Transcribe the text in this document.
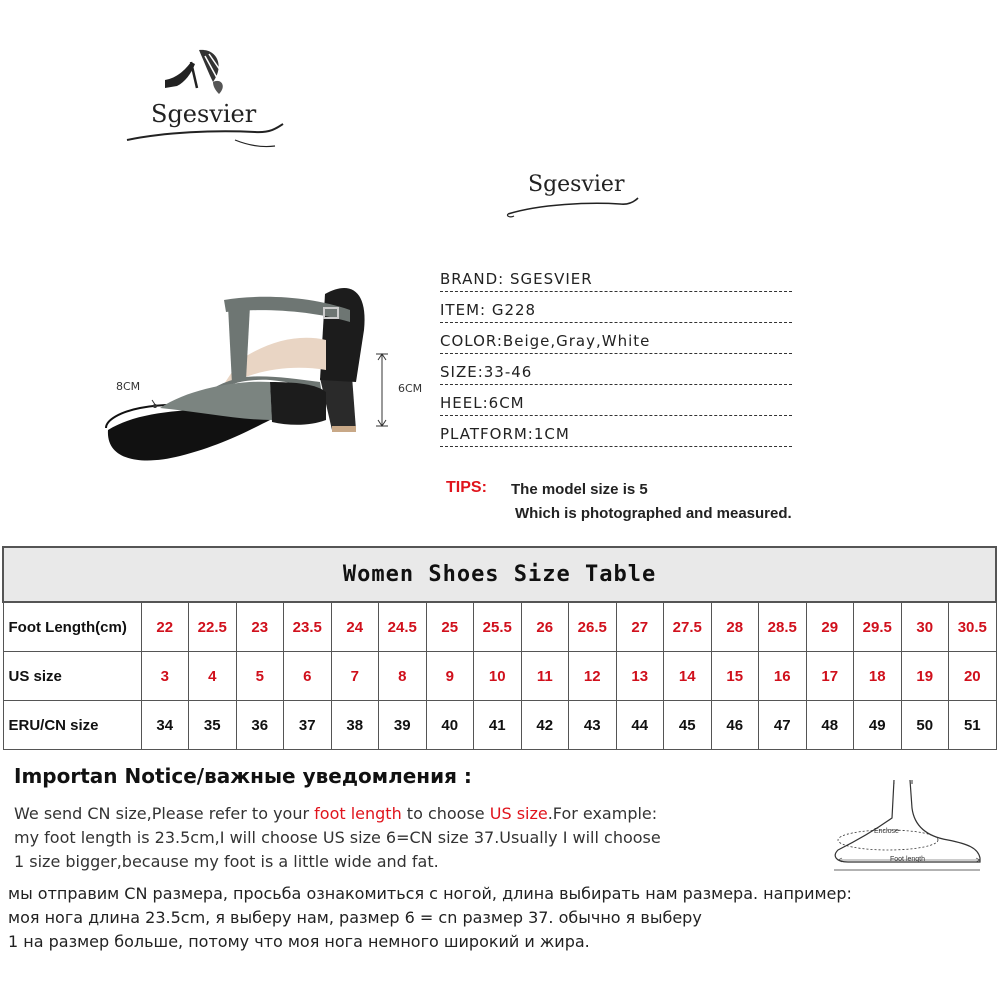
Sgesvier
Sgesvier
8CM	6CM
BRAND: SGESVIER
ITEM: G228
COLOR:Beige,Gray,White
SIZE:33-46
HEEL:6CM
PLATFORM:1CM
TIPS: The model size is 5
Which is photographed and measured.
Women Shoes Size Table																		
Foot Length(cm)	22	22.5	23	23.5	24	24.5	25	25.5	26	26.5	27	27.5	28	28.5	29	29.5	30	30.5
US size	3	4	5	6	7	8	9	10	11	12	13	14	15	16	17	18	19	20
ERU/CN size	34	35	36	37	38	39	40	41	42	43	44	45	46	47	48	49	50	51
Importan Notice/важные уведомления :
We send CN size,Please refer to your foot length to choose US size.For example:
my foot length is 23.5cm,I will choose US size 6=CN size 37.Usually I will choose
1 size bigger,because my foot is a little wide and fat.
мы отправим CN размера, просьба ознакомиться с ногой, длина выбирать нам размера. например:
моя нога длина 23.5cm, я выберу нам, размер 6 = cn размер 37. обычно я выберу
1 на размер больше, потому что моя нога немного широкий и жира.
Enclose
Foot length
